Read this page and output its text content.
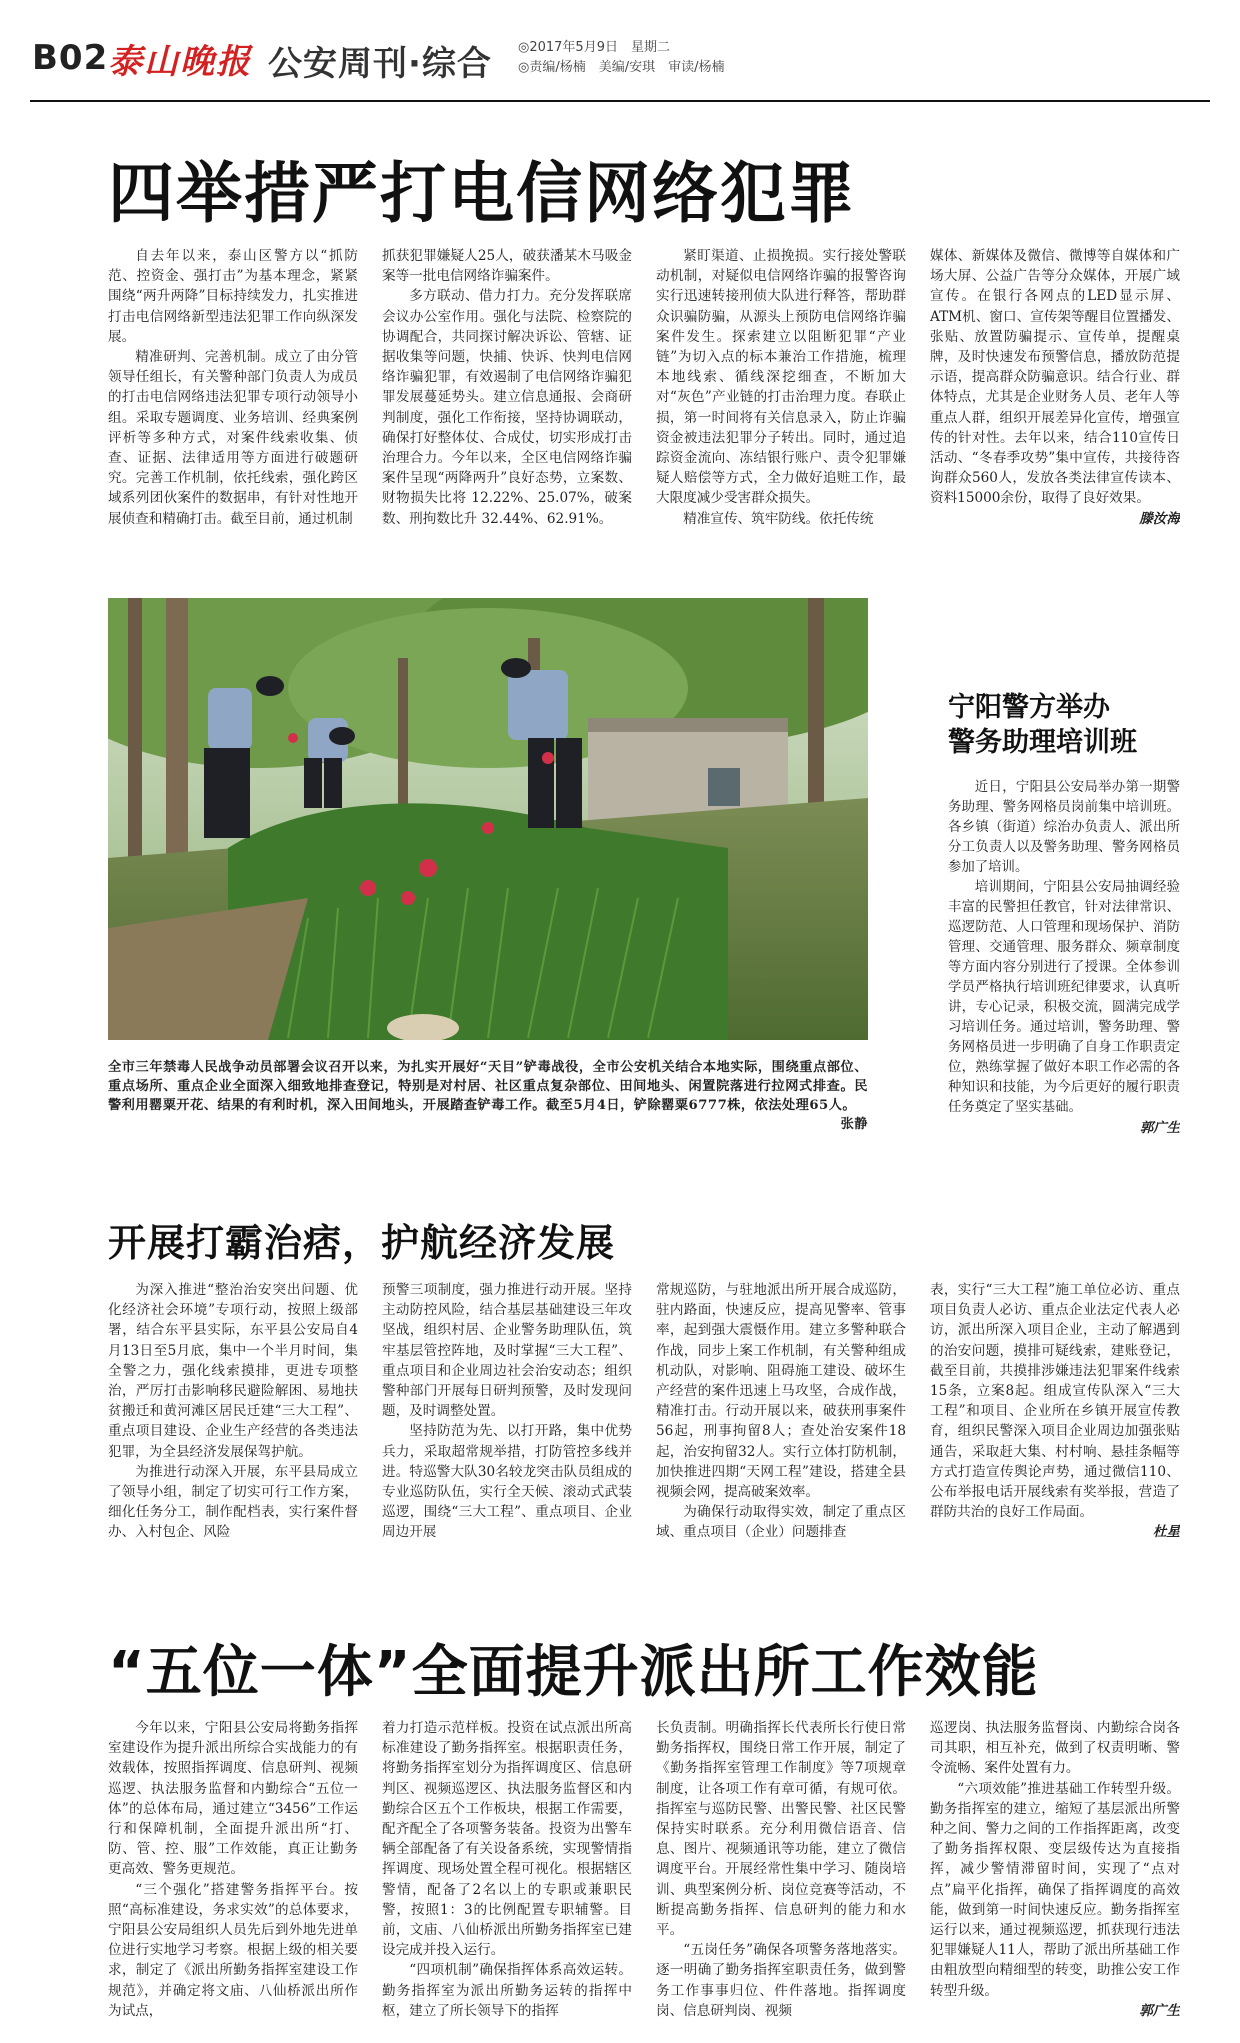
B02 泰山晚报 公安周刊·综合 ◎2017年5月9日　星期二
◎责编/杨楠　美编/安琪　审读/杨楠
四举措严打电信网络犯罪

自去年以来，泰山区警方以“抓防范、控资金、强打击”为基本理念，紧紧围绕“两升两降”目标持续发力，扎实推进打击电信网络新型违法犯罪工作向纵深发展。

精准研判、完善机制。成立了由分管领导任组长，有关警种部门负责人为成员的打击电信网络违法犯罪专项行动领导小组。采取专题调度、业务培训、经典案例评析等多种方式，对案件线索收集、侦查、证据、法律适用等方面进行破题研究。完善工作机制，依托线索，强化跨区域系列团伙案件的数据串，有针对性地开展侦查和精确打击。截至目前，通过机制

抓获犯罪嫌疑人25人，破获潘某木马吸金案等一批电信网络诈骗案件。

多方联动、借力打力。充分发挥联席会议办公室作用。强化与法院、检察院的协调配合，共同探讨解决诉讼、管辖、证据收集等问题，快捕、快诉、快判电信网络诈骗犯罪，有效遏制了电信网络诈骗犯罪发展蔓延势头。建立信息通报、会商研判制度，强化工作衔接，坚持协调联动，确保打好整体仗、合成仗，切实形成打击治理合力。今年以来，全区电信网络诈骗案件呈现“两降两升”良好态势，立案数、财物损失比将 12.22%、25.07%，破案数、刑拘数比升 32.44%、62.91%。

紧盯渠道、止损挽损。实行接处警联动机制，对疑似电信网络诈骗的报警咨询实行迅速转接刑侦大队进行释答，帮助群众识骗防骗，从源头上预防电信网络诈骗案件发生。探索建立以阻断犯罪“产业链”为切入点的标本兼治工作措施，梳理本地线索、循线深挖细查，不断加大对“灰色”产业链的打击治理力度。春联止损，第一时间将有关信息录入，防止诈骗资金被违法犯罪分子转出。同时，通过追踪资金流向、冻结银行账户、责令犯罪嫌疑人赔偿等方式，全力做好追赃工作，最大限度减少受害群众损失。

精准宣传、筑牢防线。依托传统

媒体、新媒体及微信、微博等自媒体和广场大屏、公益广告等分众媒体，开展广域宣传。在银行各网点的LED显示屏、ATM机、窗口、宣传架等醒目位置播发、张贴、放置防骗提示、宣传单，提醒桌牌，及时快速发布预警信息，播放防范提示语，提高群众防骗意识。结合行业、群体特点，尤其是企业财务人员、老年人等重点人群，组织开展差异化宣传，增强宣传的针对性。去年以来，结合110宣传日活动、“冬春季攻势”集中宣传，共接待咨询群众560人，发放各类法律宣传读本、资料15000余份，取得了良好效果。

滕汝海
全市三年禁毒人民战争动员部署会议召开以来，为扎实开展好“天目”铲毒战役，全市公安机关结合本地实际，围绕重点部位、重点场所、重点企业全面深入细致地排查登记，特别是对村居、社区重点复杂部位、田间地头、闲置院落进行拉网式排查。民警利用罂粟开花、结果的有利时机，深入田间地头，开展踏查铲毒工作。截至5月4日，铲除罂粟6777株，依法处理65人。
张静
宁阳警方举办
警务助理培训班

近日，宁阳县公安局举办第一期警务助理、警务网格员岗前集中培训班。各乡镇（街道）综治办负责人、派出所分工负责人以及警务助理、警务网格员参加了培训。

培训期间，宁阳县公安局抽调经验丰富的民警担任教官，针对法律常识、巡逻防范、人口管理和现场保护、消防管理、交通管理、服务群众、频章制度等方面内容分别进行了授课。全体参训学员严格执行培训班纪律要求，认真听讲，专心记录，积极交流，圆满完成学习培训任务。通过培训，警务助理、警务网格员进一步明确了自身工作职责定位，熟练掌握了做好本职工作必需的各种知识和技能，为今后更好的履行职责任务奠定了坚实基础。

郭广生
开展打霸治痞，护航经济发展

为深入推进“整治治安突出问题、优化经济社会环境”专项行动，按照上级部署，结合东平县实际，东平县公安局自4月13日至5月底，集中一个半月时间，集全警之力，强化线索摸排，更进专项整治，严厉打击影响移民避险解困、易地扶贫搬迁和黄河滩区居民迁建“三大工程”、重点项目建设、企业生产经营的各类违法犯罪，为全县经济发展保驾护航。

为推进行动深入开展，东平县局成立了领导小组，制定了切实可行工作方案，细化任务分工，制作配档表，实行案件督办、入村包企、风险

预警三项制度，强力推进行动开展。坚持主动防控风险，结合基层基础建设三年攻坚战，组织村居、企业警务助理队伍，筑牢基层管控阵地，及时掌握“三大工程”、重点项目和企业周边社会治安动态；组织警种部门开展每日研判预警，及时发现问题，及时调整处置。

坚持防范为先、以打开路，集中优势兵力，采取超常规举措，打防管控多线并进。特巡警大队30名较龙突击队员组成的专业巡防队伍，实行全天候、滚动式武装巡逻，围绕“三大工程”、重点项目、企业周边开展

常规巡防，与驻地派出所开展合成巡防，驻内路面，快速反应，提高见警率、管事率，起到强大震慑作用。建立多警种联合作战，同步上案工作机制，有关警种组成机动队，对影响、阻碍施工建设、破坏生产经营的案件迅速上马攻坚，合成作战，精准打击。行动开展以来，破获刑事案件56起，刑事拘留8人；查处治安案件18起，治安拘留32人。实行立体打防机制，加快推进四期“天网工程”建设，搭建全县视频会网，提高破案效率。

为确保行动取得实效，制定了重点区域、重点项目（企业）问题排查

表，实行“三大工程”施工单位必访、重点项目负责人必访、重点企业法定代表人必访，派出所深入项目企业，主动了解遇到的治安问题，摸排可疑线索，建账登记，截至目前，共摸排涉嫌违法犯罪案件线索15条，立案8起。组成宣传队深入“三大工程”和项目、企业所在乡镇开展宣传教育，组织民警深入项目企业周边加强张贴通告，采取赶大集、村村响、悬挂条幅等方式打造宣传舆论声势，通过微信110、公布举报电话开展线索有奖举报，营造了群防共治的良好工作局面。

杜星
“五位一体”全面提升派出所工作效能

今年以来，宁阳县公安局将勤务指挥室建设作为提升派出所综合实战能力的有效载体，按照指挥调度、信息研判、视频巡逻、执法服务监督和内勤综合“五位一体”的总体布局，通过建立“3456”工作运行和保障机制，全面提升派出所“打、防、管、控、服”工作效能，真正让勤务更高效、警务更规范。

“三个强化”搭建警务指挥平台。按照“高标准建设，务求实效”的总体要求，宁阳县公安局组织人员先后到外地先进单位进行实地学习考察。根据上级的相关要求，制定了《派出所勤务指挥室建设工作规范》，并确定将文庙、八仙桥派出所作为试点，

着力打造示范样板。投资在试点派出所高标准建设了勤务指挥室。根据职责任务，将勤务指挥室划分为指挥调度区、信息研判区、视频巡逻区、执法服务监督区和内勤综合区五个工作板块，根据工作需要，配齐配全了各项警务装备。投资为出警车辆全部配备了有关设备系统，实现警情指挥调度、现场处置全程可视化。根据辖区警情，配备了2名以上的专职或兼职民警，按照1：3的比例配置专职辅警。目前，文庙、八仙桥派出所勤务指挥室已建设完成并投入运行。

“四项机制”确保指挥体系高效运转。勤务指挥室为派出所勤务运转的指挥中枢，建立了所长领导下的指挥

长负责制。明确指挥长代表所长行使日常勤务指挥权，围绕日常工作开展，制定了《勤务指挥室管理工作制度》等7项规章制度，让各项工作有章可循，有规可依。指挥室与巡防民警、出警民警、社区民警保持实时联系。充分利用微信语音、信息、图片、视频通讯等功能，建立了微信调度平台。开展经常性集中学习、随岗培训、典型案例分析、岗位竞赛等活动，不断提高勤务指挥、信息研判的能力和水平。

“五岗任务”确保各项警务落地落实。逐一明确了勤务指挥室职责任务，做到警务工作事事归位、件件落地。指挥调度岗、信息研判岗、视频

巡逻岗、执法服务监督岗、内勤综合岗各司其职，相互补充，做到了权责明晰、警令流畅、案件处置有力。

“六项效能”推进基础工作转型升级。勤务指挥室的建立，缩短了基层派出所警种之间、警力之间的工作指挥距离，改变了勤务指挥权限、变层级传达为直接指挥，减少警情滞留时间，实现了“点对点”扁平化指挥，确保了指挥调度的高效能，做到第一时间快速反应。勤务指挥室运行以来，通过视频巡逻，抓获现行违法犯罪嫌疑人11人，帮助了派出所基础工作由粗放型向精细型的转变，助推公安工作转型升级。

郭广生
